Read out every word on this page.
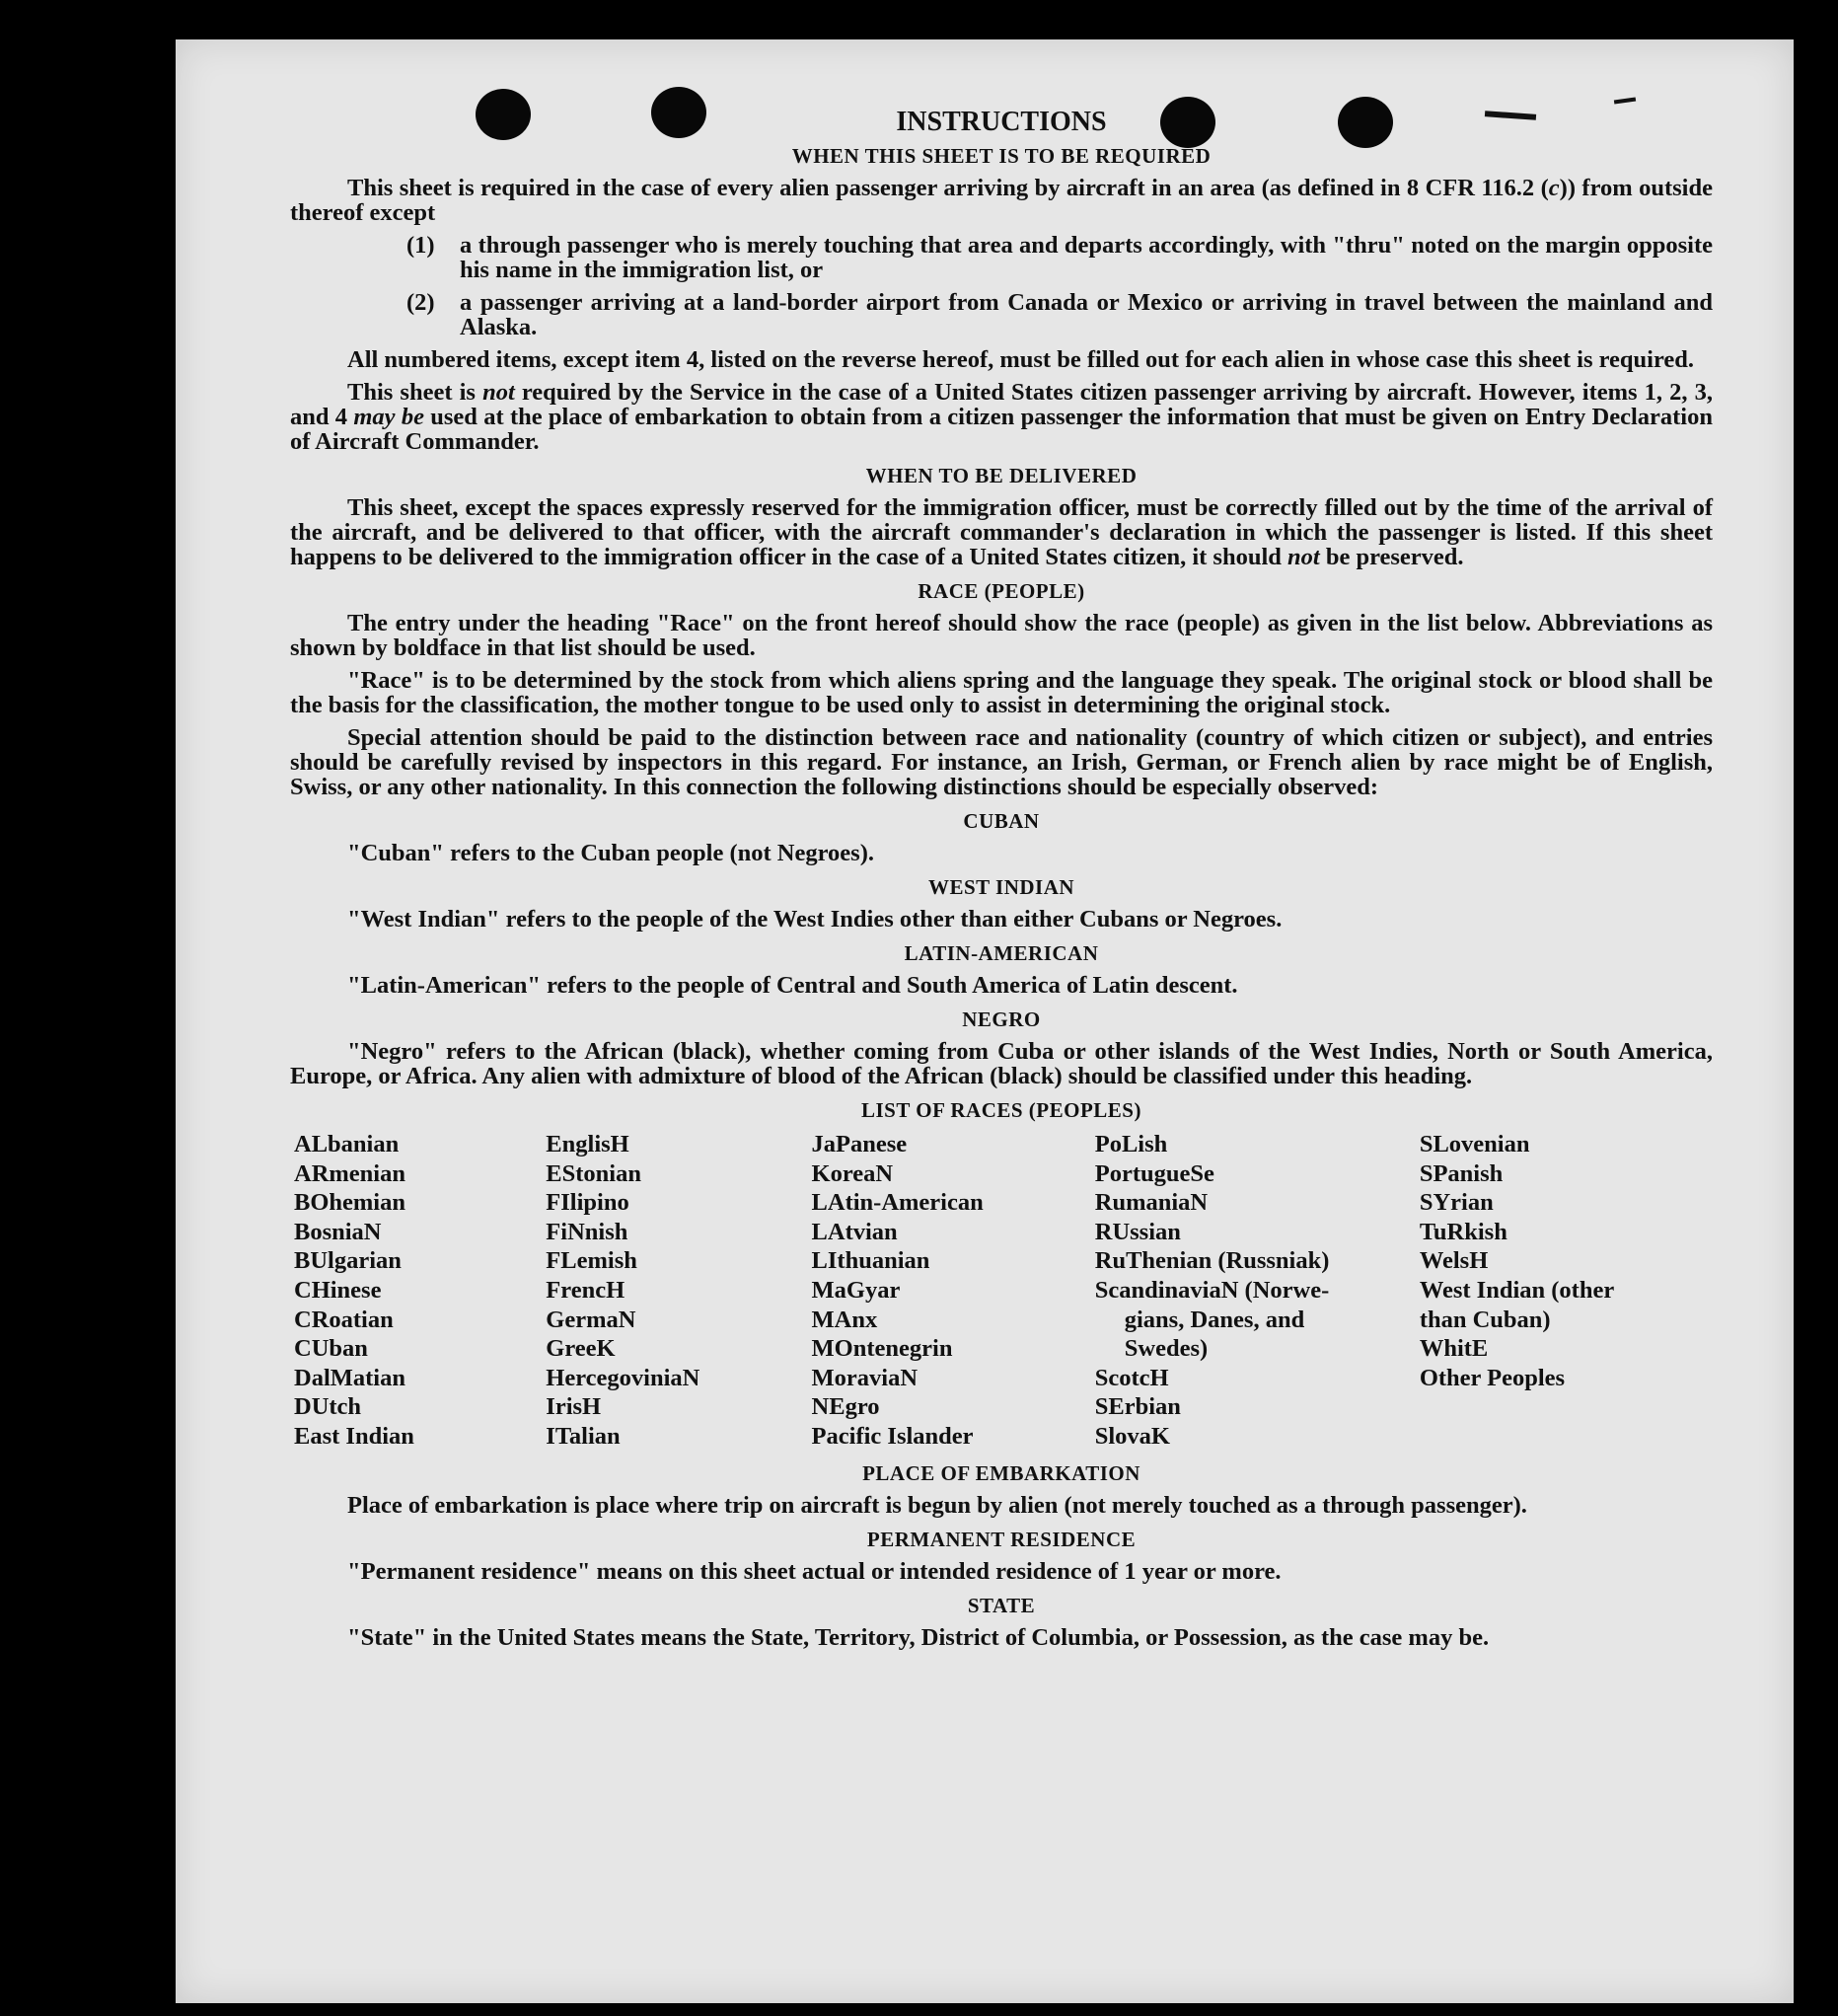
INSTRUCTIONS
WHEN THIS SHEET IS TO BE REQUIRED

This sheet is required in the case of every alien passenger arriving by aircraft in an area (as defined in 8 CFR 116.2 (c)) from outside thereof except

(1)	a through passenger who is merely touching that area and departs accordingly, with "thru" noted on the margin opposite his name in the immigration list, or
(2)	a passenger arriving at a land-border airport from Canada or Mexico or arriving in travel between the mainland and Alaska.

All numbered items, except item 4, listed on the reverse hereof, must be filled out for each alien in whose case this sheet is required.

This sheet is not required by the Service in the case of a United States citizen passenger arriving by aircraft. However, items 1, 2, 3, and 4 may be used at the place of embarkation to obtain from a citizen passenger the information that must be given on Entry Declaration of Aircraft Commander.

WHEN TO BE DELIVERED

This sheet, except the spaces expressly reserved for the immigration officer, must be correctly filled out by the time of the arrival of the aircraft, and be delivered to that officer, with the aircraft commander's declaration in which the passenger is listed. If this sheet happens to be delivered to the immigration officer in the case of a United States citizen, it should not be preserved.

RACE (PEOPLE)

The entry under the heading "Race" on the front hereof should show the race (people) as given in the list below. Abbreviations as shown by boldface in that list should be used.

"Race" is to be determined by the stock from which aliens spring and the language they speak. The original stock or blood shall be the basis for the classification, the mother tongue to be used only to assist in determining the original stock.

Special attention should be paid to the distinction between race and nationality (country of which citizen or subject), and entries should be carefully revised by inspectors in this regard. For instance, an Irish, German, or French alien by race might be of English, Swiss, or any other nationality. In this connection the following distinctions should be especially observed:

CUBAN

"Cuban" refers to the Cuban people (not Negroes).

WEST INDIAN

"West Indian" refers to the people of the West Indies other than either Cubans or Negroes.

LATIN-AMERICAN

"Latin-American" refers to the people of Central and South America of Latin descent.

NEGRO

"Negro" refers to the African (black), whether coming from Cuba or other islands of the West Indies, North or South America, Europe, or Africa. Any alien with admixture of blood of the African (black) should be classified under this heading.

LIST OF RACES (PEOPLES)
ALbanian
ARmenian
BOhemian
BosniaN
BUlgarian
CHinese
CRoatian
CUban
DalMatian
DUtch
East Indian
EnglisH
EStonian
FIlipino
FiNnish
FLemish
FrencH
GermaN
GreeK
HercegoviniaN
IrisH
ITalian
JaPanese
KoreaN
LAtin-American
LAtvian
LIthuanian
MaGyar
MAnx
MOntenegrin
MoraviaN
NEgro
Pacific Islander
PoLish
PortugueSe
RumaniaN
RUssian
RuThenian (Russniak)
ScandinaviaN (Norwe-
gians, Danes, and
Swedes)
ScotcH
SErbian
SlovaK
SLovenian
SPanish
SYrian
TuRkish
WelsH
West Indian (other
than Cuban)
WhitE
Other Peoples
PLACE OF EMBARKATION

Place of embarkation is place where trip on aircraft is begun by alien (not merely touched as a through passenger).

PERMANENT RESIDENCE

"Permanent residence" means on this sheet actual or intended residence of 1 year or more.

STATE

"State" in the United States means the State, Territory, District of Columbia, or Possession, as the case may be.
